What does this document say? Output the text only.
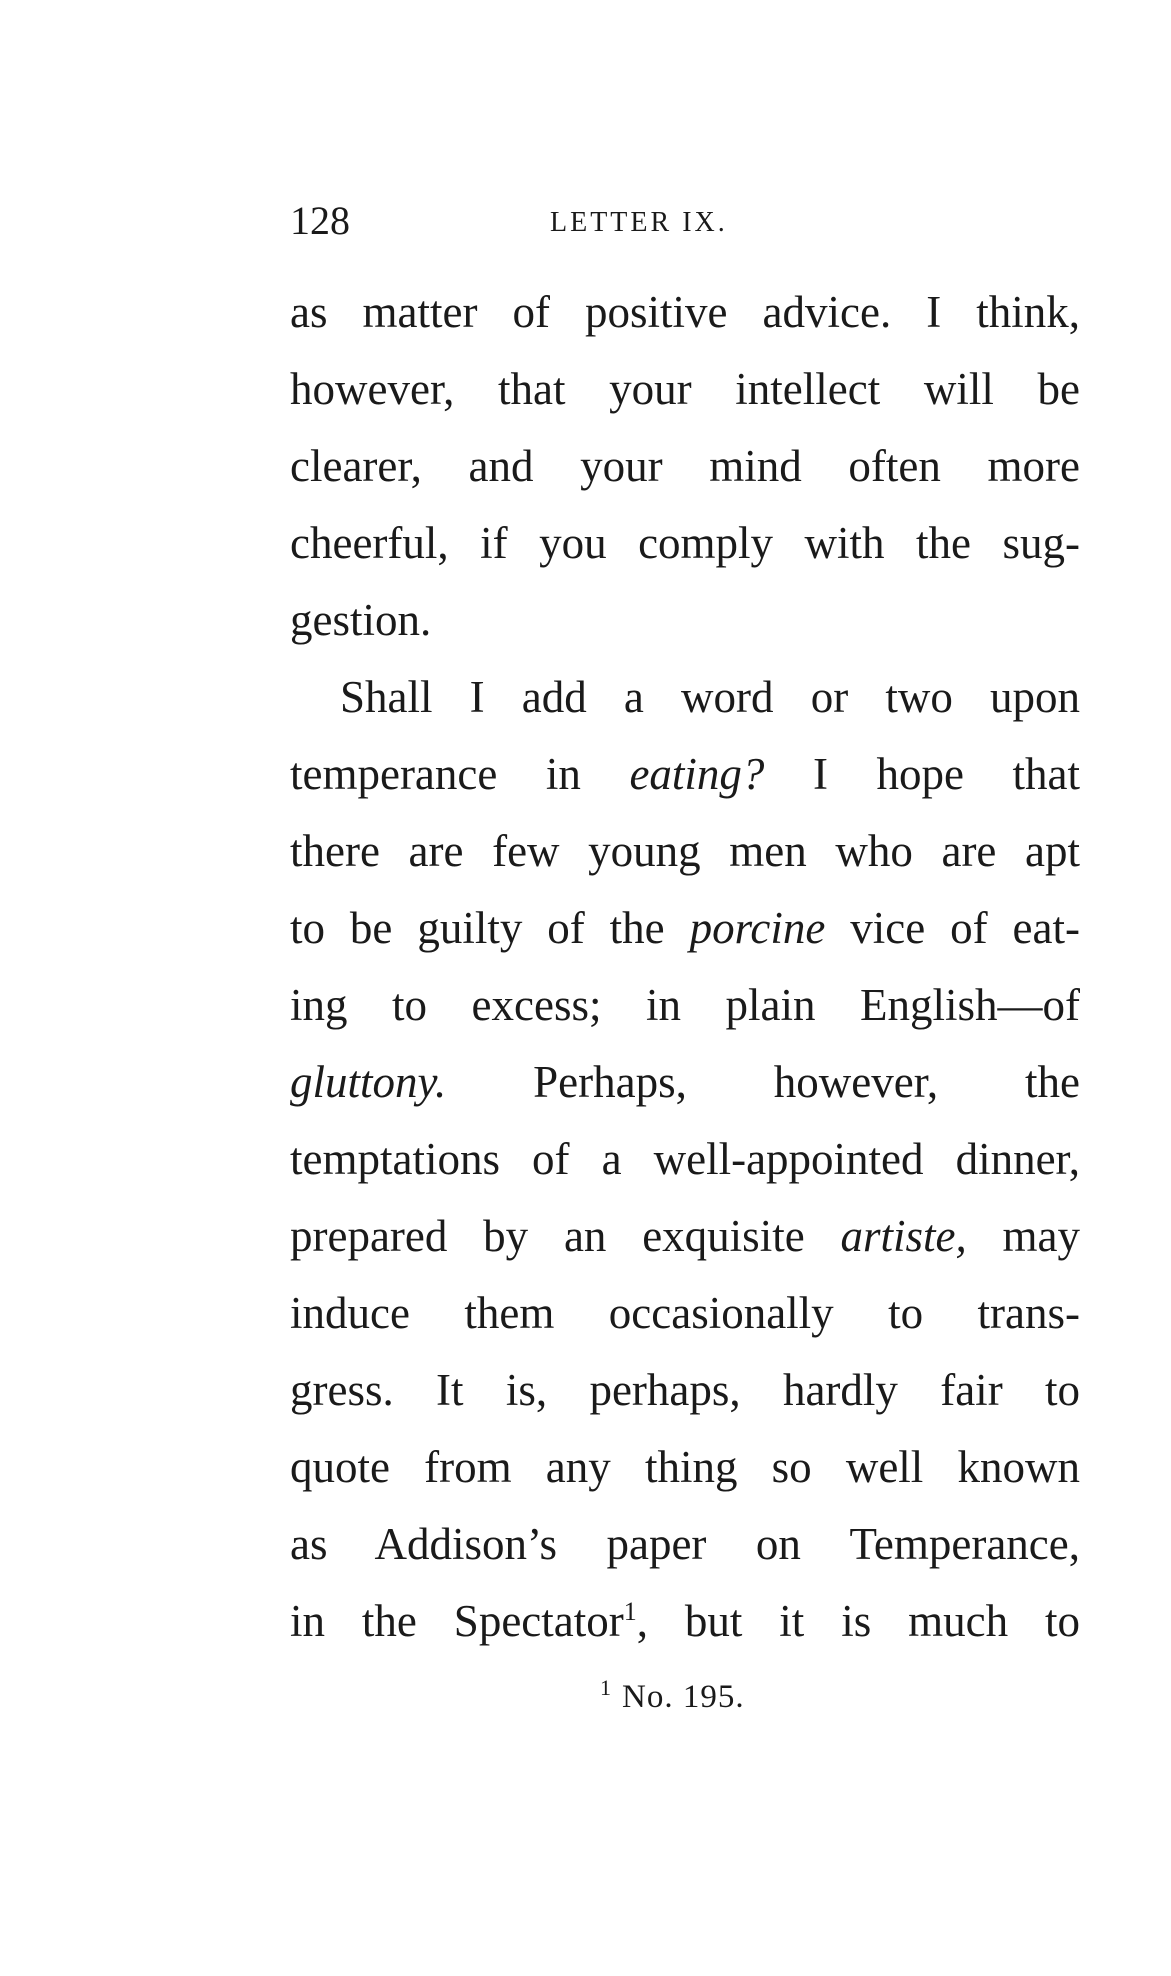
128	LETTER IX.
as matter of positive advice. I think,
however, that your intellect will be
clearer, and your mind often more
cheerful, if you comply with the sug-
gestion.
Shall I add a word or two upon
temperance in eating? I hope that
there are few young men who are apt
to be guilty of the porcine vice of eat-
ing to excess; in plain English—of
gluttony. Perhaps, however, the
temptations of a well-appointed dinner,
prepared by an exquisite artiste, may
induce them occasionally to trans-
gress. It is, perhaps, hardly fair to
quote from any thing so well known
as Addison’s paper on Temperance,
in the Spectator$^1$, but it is much to
$^1$ No. 195.
